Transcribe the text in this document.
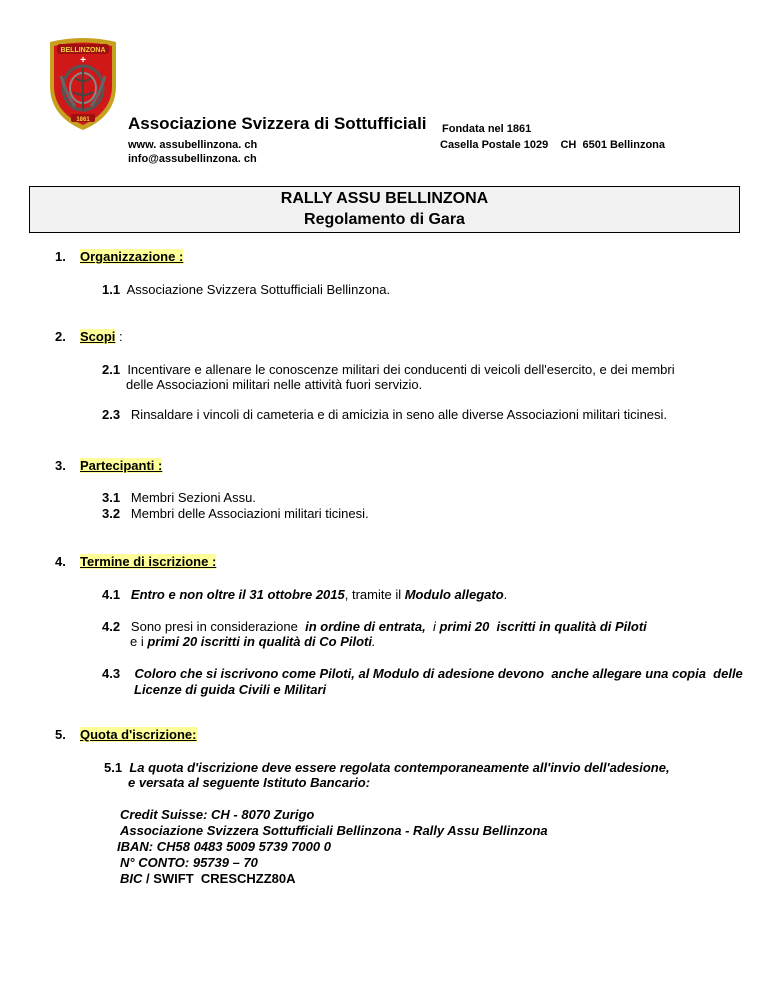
BELLINZONA
+
1861 Associazione Svizzera di Sottufficiali
www. assubellinzona. ch
info@assubellinzona. ch
Fondata nel 1861
Casella Postale 1029    CH  6501 Bellinzona
RALLY ASSU BELLINZONA
Regolamento di Gara
1. Organizzazione :
1.1 Associazione Svizzera Sottufficiali Bellinzona.
2. Scopi :
2.1 Incentivare e allenare le conoscenze militari dei conducenti di veicoli dell'esercito, e dei membri
delle Associazioni militari nelle attività fuori servizio.
2.3 Rinsaldare i vincoli di cameteria e di amicizia in seno alle diverse Associazioni militari ticinesi.
3. Partecipanti :
3.1 Membri Sezioni Assu.
3.2 Membri delle Associazioni militari ticinesi.
4. Termine di iscrizione :
4.1 Entro e non oltre il 31 ottobre 2015, tramite il Modulo allegato.
4.2 Sono presi in considerazione  in ordine di entrata,  i primi 20  iscritti in qualità di Piloti
e i primi 20 iscritti in qualità di Co Piloti.
4.3 Coloro che si iscrivono come Piloti, al Modulo di adesione devono  anche allegare una copia  delle
Licenze di guida Civili e Militari
5. Quota d'iscrizione:
5.1 La quota d'iscrizione deve essere regolata contemporaneamente all'invio dell'adesione,
e versata al seguente Istituto Bancario:
Credit Suisse: CH - 8070 Zurigo
Associazione Svizzera Sottufficiali Bellinzona - Rally Assu Bellinzona
IBAN: CH58 0483 5009 5739 7000 0
N° CONTO: 95739 – 70
BIC / SWIFT  CRESCHZZ80A
